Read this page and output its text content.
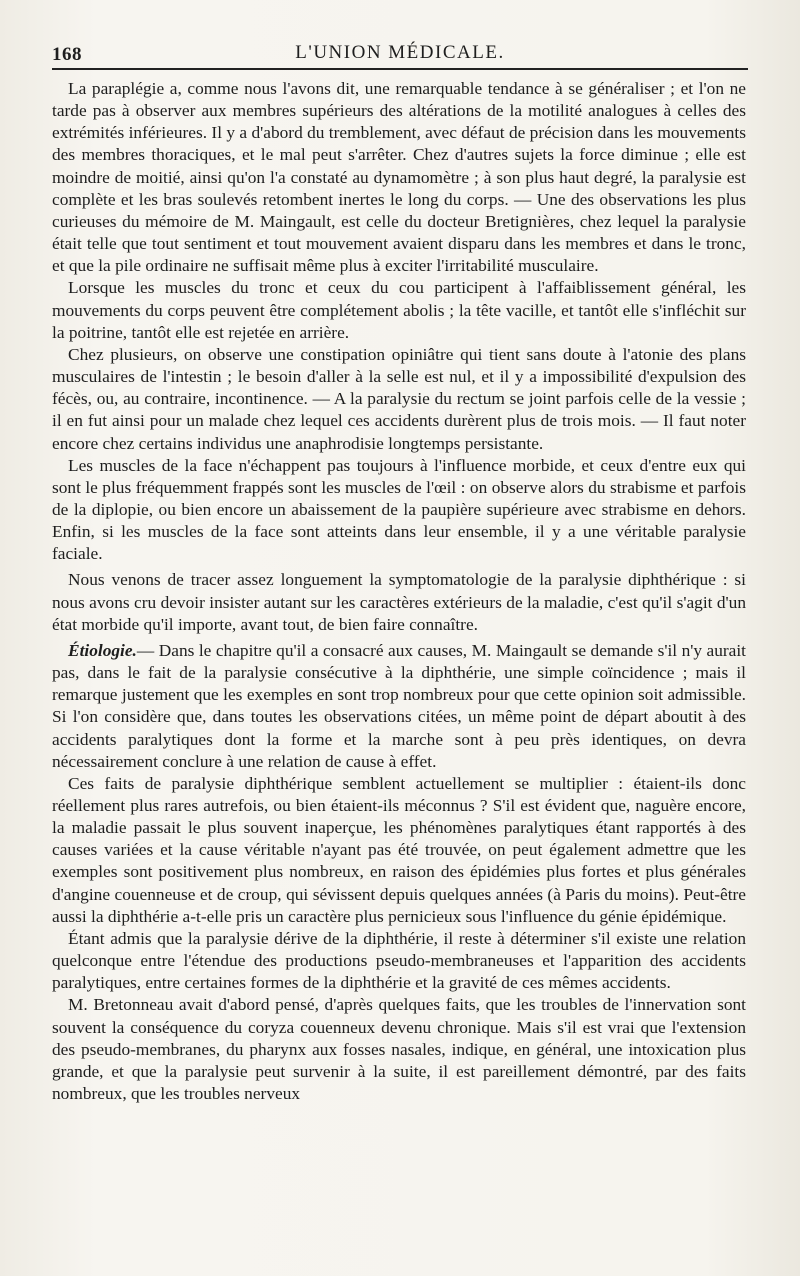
168	L'UNION MÉDICALE.

La paraplégie a, comme nous l'avons dit, une remarquable tendance à se généraliser ; et l'on ne tarde pas à observer aux membres supérieurs des altérations de la motilité analogues à celles des extrémités inférieures. Il y a d'abord du tremblement, avec défaut de précision dans les mouvements des membres thoraciques, et le mal peut s'arrêter. Chez d'autres sujets la force diminue ; elle est moindre de moitié, ainsi qu'on l'a constaté au dynamomètre ; à son plus haut degré, la paralysie est complète et les bras soulevés retombent inertes le long du corps. — Une des observations les plus curieuses du mémoire de M. Maingault, est celle du docteur Bretignières, chez lequel la paralysie était telle que tout sentiment et tout mouvement avaient disparu dans les membres et dans le tronc, et que la pile ordinaire ne suffisait même plus à exciter l'irritabilité musculaire.

Lorsque les muscles du tronc et ceux du cou participent à l'affaiblissement général, les mouvements du corps peuvent être complétement abolis ; la tête vacille, et tantôt elle s'infléchit sur la poitrine, tantôt elle est rejetée en arrière.

Chez plusieurs, on observe une constipation opiniâtre qui tient sans doute à l'atonie des plans musculaires de l'intestin ; le besoin d'aller à la selle est nul, et il y a impossibilité d'expulsion des fécès, ou, au contraire, incontinence. — A la paralysie du rectum se joint parfois celle de la vessie ; il en fut ainsi pour un malade chez lequel ces accidents durèrent plus de trois mois. — Il faut noter encore chez certains individus une anaphrodisie longtemps persistante.

Les muscles de la face n'échappent pas toujours à l'influence morbide, et ceux d'entre eux qui sont le plus fréquemment frappés sont les muscles de l'œil : on observe alors du strabisme et parfois de la diplopie, ou bien encore un abaissement de la paupière supérieure avec strabisme en dehors. Enfin, si les muscles de la face sont atteints dans leur ensemble, il y a une véritable paralysie faciale.

Nous venons de tracer assez longuement la symptomatologie de la paralysie diphthérique : si nous avons cru devoir insister autant sur les caractères extérieurs de la maladie, c'est qu'il s'agit d'un état morbide qu'il importe, avant tout, de bien faire connaître.

Étiologie.— Dans le chapitre qu'il a consacré aux causes, M. Maingault se demande s'il n'y aurait pas, dans le fait de la paralysie consécutive à la diphthérie, une simple coïncidence ; mais il remarque justement que les exemples en sont trop nombreux pour que cette opinion soit admissible. Si l'on considère que, dans toutes les observations citées, un même point de départ aboutit à des accidents paralytiques dont la forme et la marche sont à peu près identiques, on devra nécessairement conclure à une relation de cause à effet.

Ces faits de paralysie diphthérique semblent actuellement se multiplier : étaient-ils donc réellement plus rares autrefois, ou bien étaient-ils méconnus ? S'il est évident que, naguère encore, la maladie passait le plus souvent inaperçue, les phénomènes paralytiques étant rapportés à des causes variées et la cause véritable n'ayant pas été trouvée, on peut également admettre que les exemples sont positivement plus nombreux, en raison des épidémies plus fortes et plus générales d'angine couenneuse et de croup, qui sévissent depuis quelques années (à Paris du moins). Peut-être aussi la diphthérie a-t-elle pris un caractère plus pernicieux sous l'influence du génie épidémique.

Étant admis que la paralysie dérive de la diphthérie, il reste à déterminer s'il existe une relation quelconque entre l'étendue des productions pseudo-membraneuses et l'apparition des accidents paralytiques, entre certaines formes de la diphthérie et la gravité de ces mêmes accidents.

M. Bretonneau avait d'abord pensé, d'après quelques faits, que les troubles de l'innervation sont souvent la conséquence du coryza couenneux devenu chronique. Mais s'il est vrai que l'extension des pseudo-membranes, du pharynx aux fosses nasales, indique, en général, une intoxication plus grande, et que la paralysie peut survenir à la suite, il est pareillement démontré, par des faits nombreux, que les troubles nerveux
